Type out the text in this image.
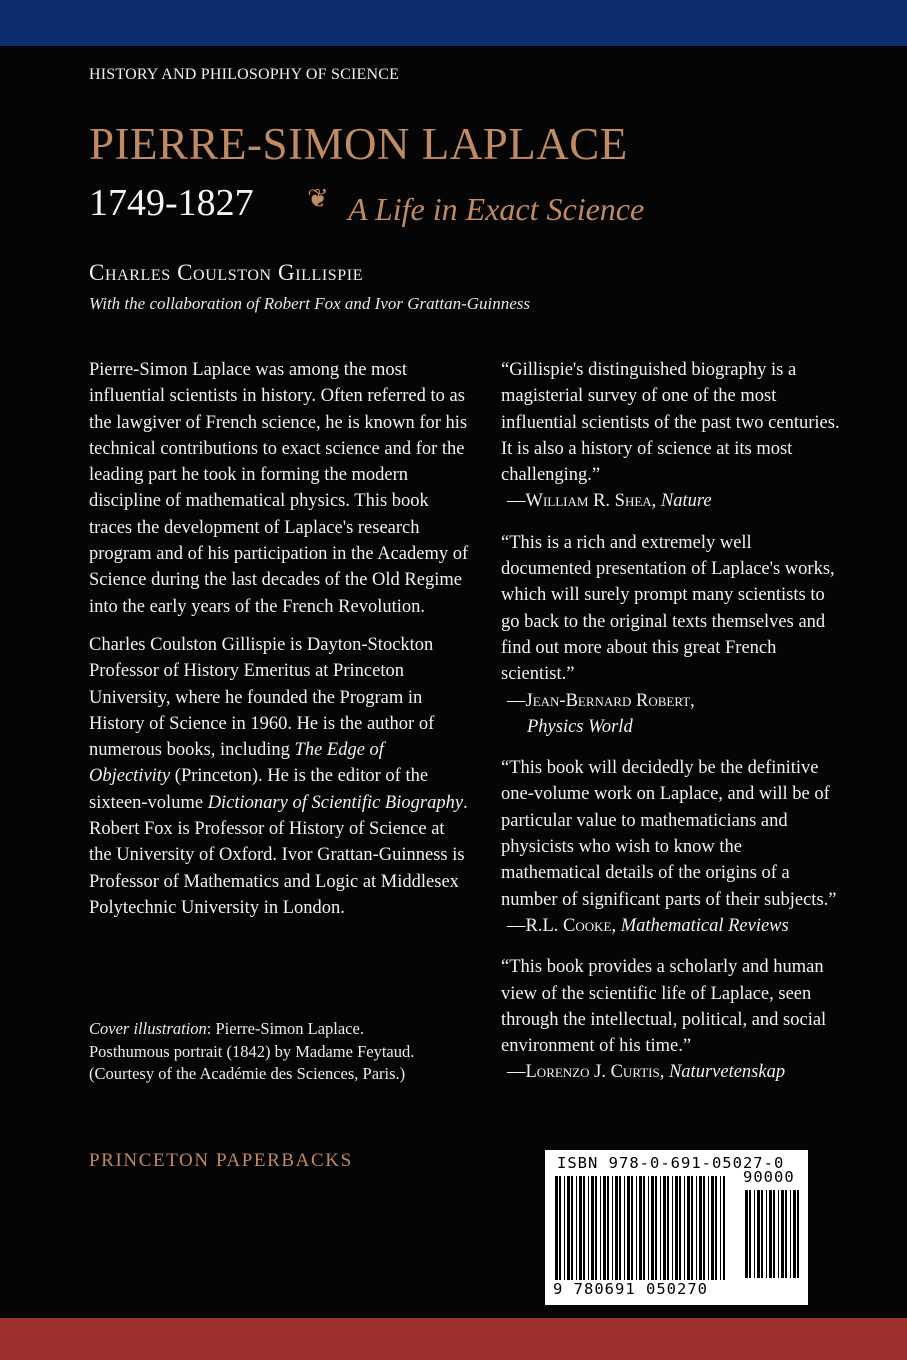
HISTORY AND PHILOSOPHY OF SCIENCE
PIERRE-SIMON LAPLACE
1749-1827 ❦ A Life in Exact Science
Charles Coulston Gillispie
With the collaboration of Robert Fox and Ivor Grattan-Guinness

Pierre-Simon Laplace was among the most influential scientists in history. Often referred to as the lawgiver of French science, he is known for his technical contributions to exact science and for the leading part he took in forming the modern discipline of mathematical physics. This book traces the development of Laplace's research program and of his participation in the Academy of Science during the last decades of the Old Regime into the early years of the French Revolution.

Charles Coulston Gillispie is Dayton-Stockton Professor of History Emeritus at Princeton University, where he founded the Program in History of Science in 1960. He is the author of numerous books, including The Edge of Objectivity (Princeton). He is the editor of the sixteen-volume Dictionary of Scientific Biography. Robert Fox is Professor of History of Science at the University of Oxford. Ivor Grattan-Guinness is Professor of Mathematics and Logic at Middlesex Polytechnic University in London.

Cover illustration: Pierre-Simon Laplace.

Posthumous portrait (1842) by Madame Feytaud.

(Courtesy of the Académie des Sciences, Paris.)

PRINCETON PAPERBACKS

“Gillispie's distinguished biography is a magisterial survey of one of the most influential scientists of the past two centuries. It is also a history of science at its most challenging.”

—William R. Shea, Nature

“This is a rich and extremely well documented presentation of Laplace's works, which will surely prompt many scientists to go back to the original texts themselves and find out more about this great French scientist.”

—Jean-Bernard Robert,

Physics World

“This book will decidedly be the definitive one-volume work on Laplace, and will be of particular value to mathematicians and physicists who wish to know the mathematical details of the origins of a number of significant parts of their subjects.”

—R.L. Cooke, Mathematical Reviews

“This book provides a scholarly and human view of the scientific life of Laplace, seen through the intellectual, political, and social environment of his time.”

—Lorenzo J. Curtis, Naturvetenskap

ISBN 978-0-691-05027-0
90000
9 780691 050270
